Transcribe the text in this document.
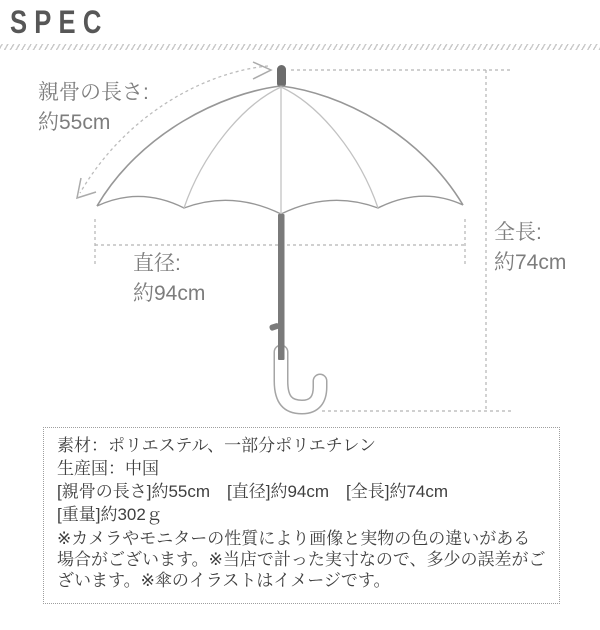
SPEC
親骨の長さ:
約55cm
直径:
約94cm
全長:
約74cm
素材：ポリエステル、一部分ポリエチレン
生産国：中国
[親骨の長さ]約55cm　[直径]約94cm　[全長]約74cm
[重量]約302ｇ
※カメラやモニターの性質により画像と実物の色の違いがある場合がございます。※当店で計った実寸なので、多少の誤差がございます。※傘のイラストはイメージです。
